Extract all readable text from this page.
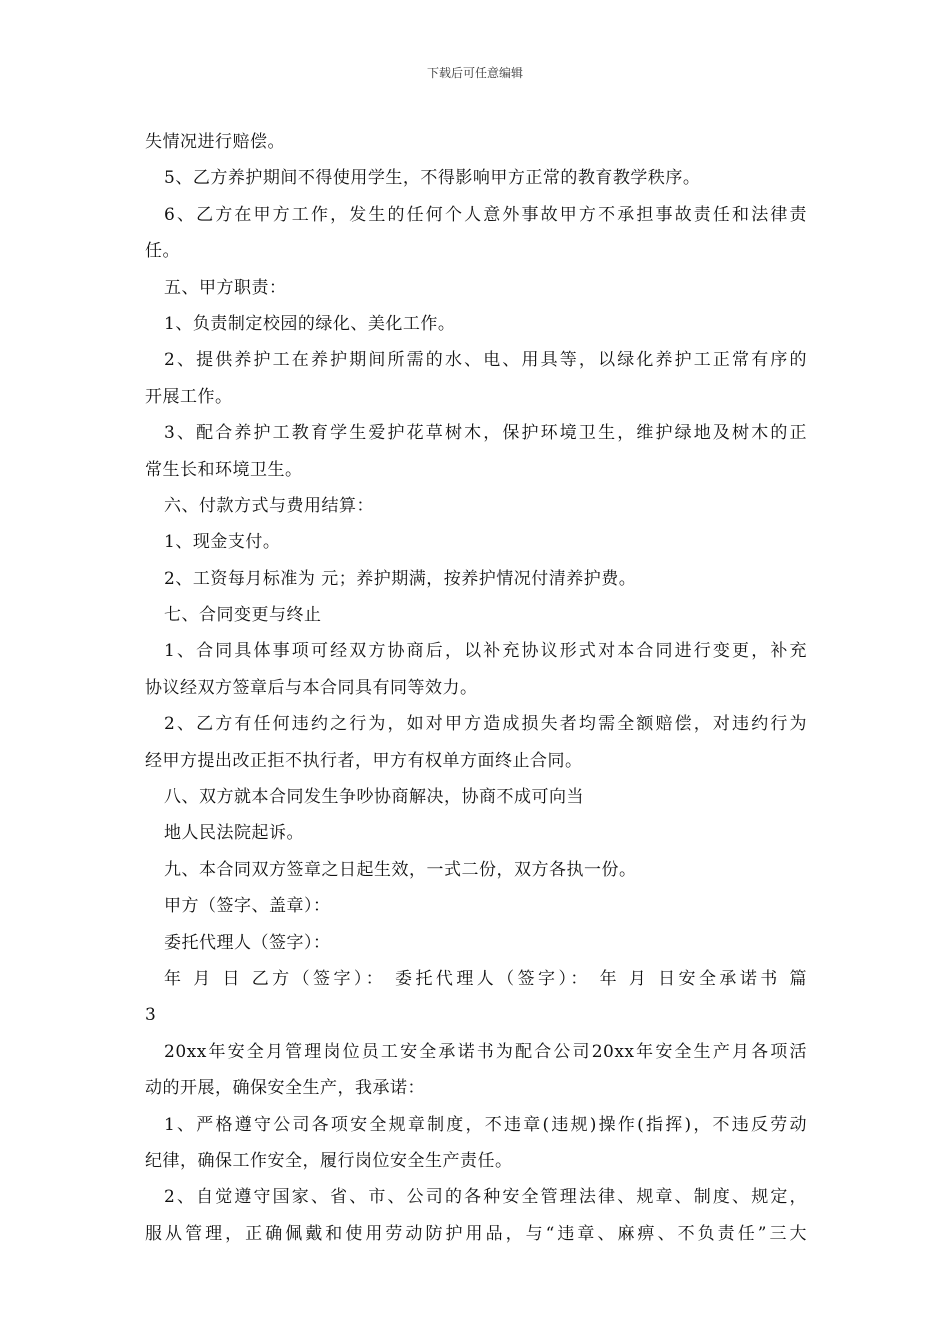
下载后可任意编辑
失情况进行赔偿。
5、乙方养护期间不得使用学生，不得影响甲方正常的教育教学秩序。
6、乙方在甲方工作，发生的任何个人意外事故甲方不承担事故责任和法律责
任。
五、甲方职责：
1、负责制定校园的绿化、美化工作。
2、提供养护工在养护期间所需的水、电、用具等，以绿化养护工正常有序的
开展工作。
3、配合养护工教育学生爱护花草树木，保护环境卫生，维护绿地及树木的正
常生长和环境卫生。
六、付款方式与费用结算：
1、现金支付。
2、工资每月标准为 元；养护期满，按养护情况付清养护费。
七、合同变更与终止
1、合同具体事项可经双方协商后，以补充协议形式对本合同进行变更，补充
协议经双方签章后与本合同具有同等效力。
2、乙方有任何违约之行为，如对甲方造成损失者均需全额赔偿，对违约行为
经甲方提出改正拒不执行者，甲方有权单方面终止合同。
八、双方就本合同发生争吵协商解决，协商不成可向当
地人民法院起诉。
九、本合同双方签章之日起生效，一式二份，双方各执一份。
甲方（签字、盖章）：
委托代理人（签字）：
年 月 日 乙方（签字）： 委托代理人（签字）： 年 月 日安全承诺书 篇
3
20xx年安全月管理岗位员工安全承诺书为配合公司20xx年安全生产月各项活
动的开展，确保安全生产，我承诺：
1、严格遵守公司各项安全规章制度，不违章(违规)操作(指挥)，不违反劳动
纪律，确保工作安全，履行岗位安全生产责任。
2、自觉遵守国家、省、市、公司的各种安全管理法律、规章、制度、规定，
服从管理，正确佩戴和使用劳动防护用品，与“违章、麻痹、不负责任”三大
